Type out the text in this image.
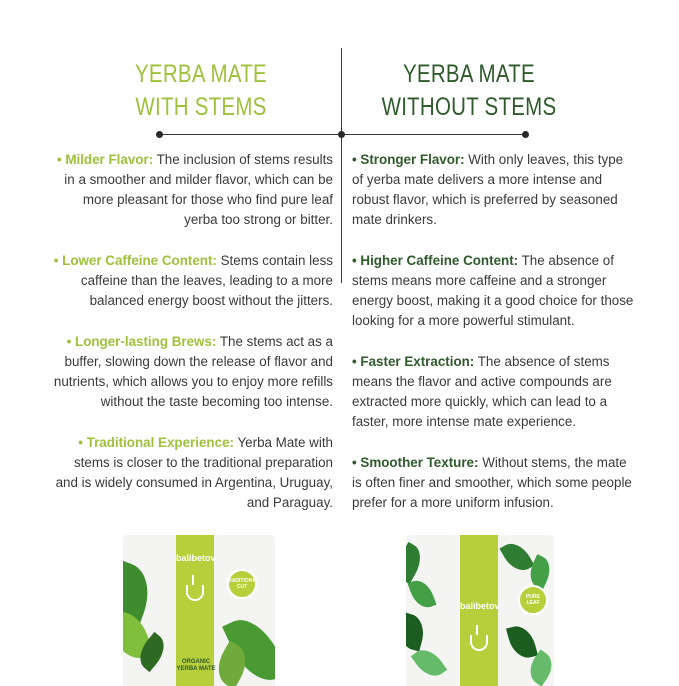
YERBA MATE
WITH STEMS
YERBA MATE
WITHOUT STEMS

• Milder Flavor: The inclusion of stems results in a smoother and milder flavor, which can be more pleasant for those who find pure leaf yerba too strong or bitter.

• Lower Caffeine Content: Stems contain less caffeine than the leaves, leading to a more balanced energy boost without the jitters.

• Longer-lasting Brews: The stems act as a buffer, slowing down the release of flavor and nutrients, which allows you to enjoy more refills without the taste becoming too intense.

• Traditional Experience: Yerba Mate with stems is closer to the traditional preparation and is widely consumed in Argentina, Uruguay, and Paraguay.

• Stronger Flavor: With only leaves, this type of yerba mate delivers a more intense and robust flavor, which is preferred by seasoned mate drinkers.

• Higher Caffeine Content: The absence of stems means more caffeine and a stronger energy boost, making it a good choice for those looking for a more powerful stimulant.

• Faster Extraction: The absence of stems means the flavor and active compounds are extracted more quickly, which can lead to a faster, more intense mate experience.

• Smoother Texture: Without stems, the mate is often finer and smoother, which some people prefer for a more uniform infusion.

balibetov
TRADITIONAL CUT
ORGANIC YERBA MATE
balibetov
PURE LEAF
